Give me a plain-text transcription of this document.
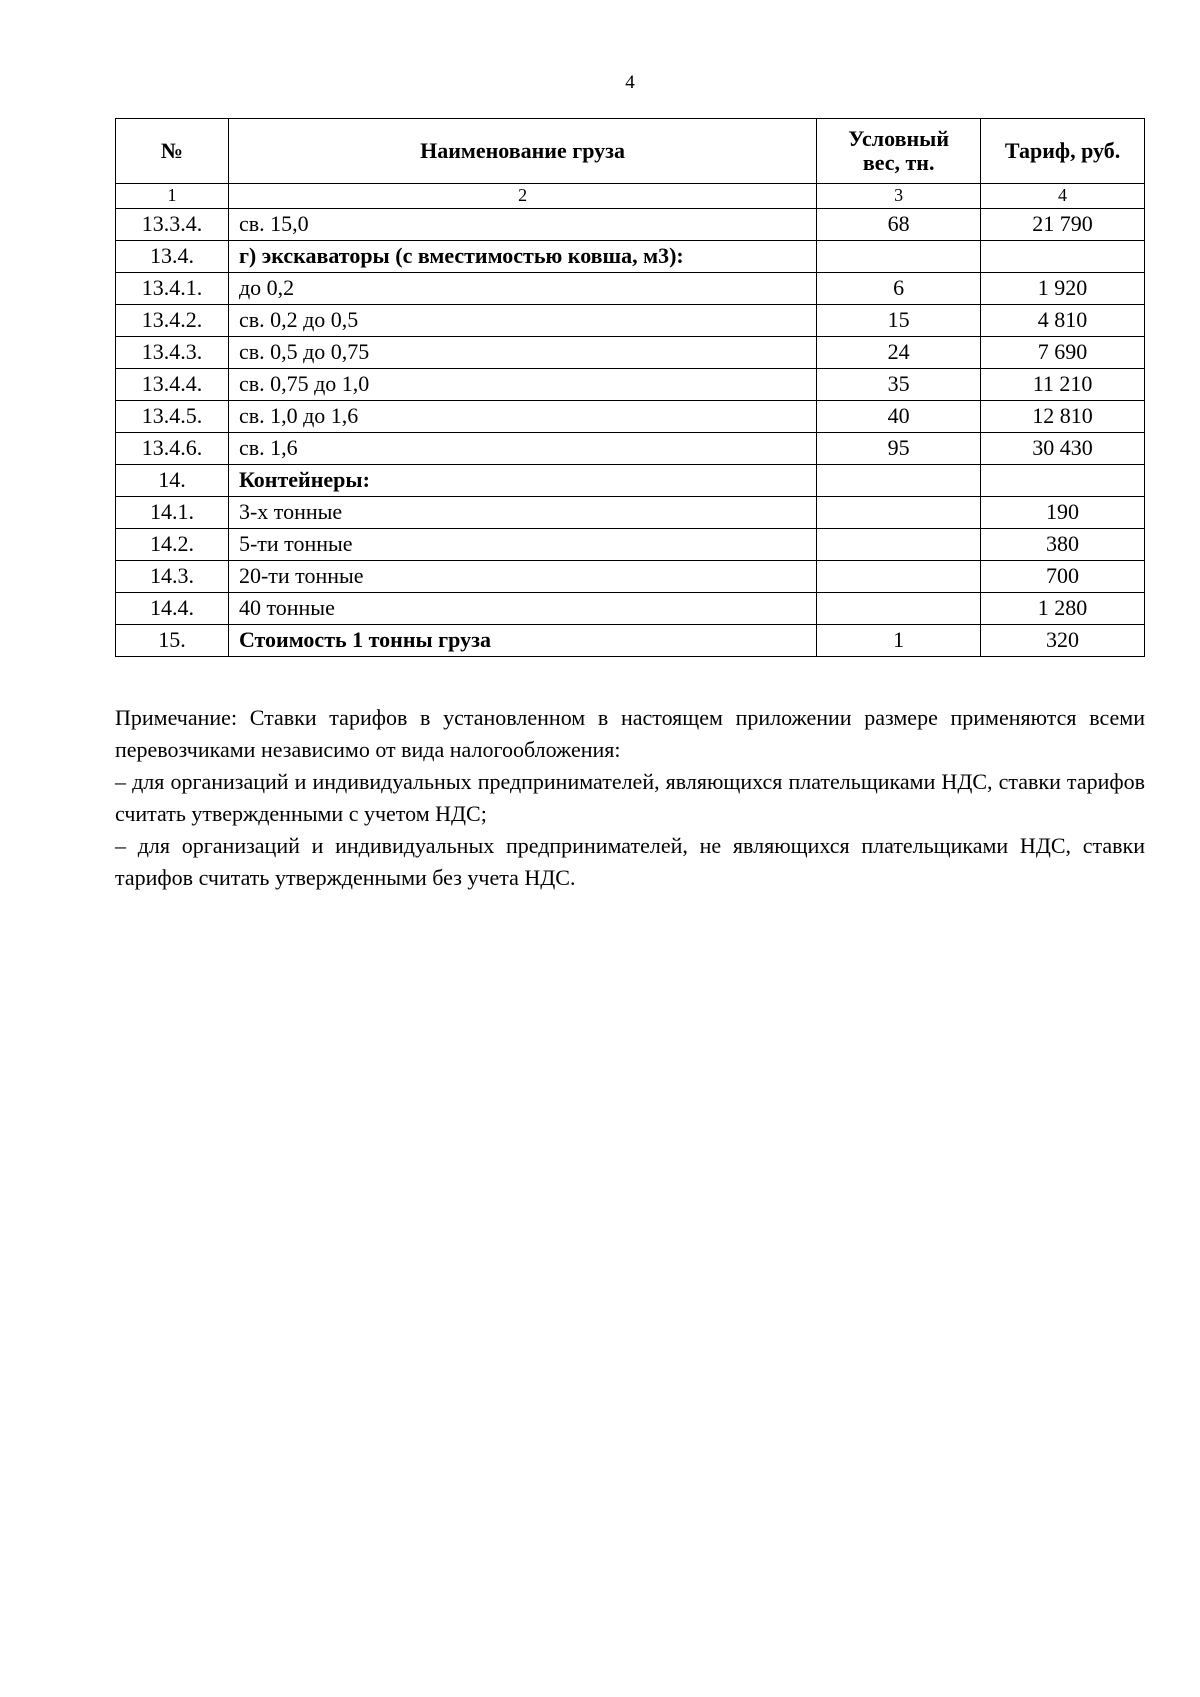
4
№	Наименование груза	Условный вес, тн.	Тариф, руб.
1	2	3	4
13.3.4.	св. 15,0	68	21 790
13.4.	г) экскаваторы (с вместимостью ковша, м3):		
13.4.1.	до 0,2	6	1 920
13.4.2.	св. 0,2 до 0,5	15	4 810
13.4.3.	св. 0,5 до 0,75	24	7 690
13.4.4.	св. 0,75 до 1,0	35	11 210
13.4.5.	св. 1,0 до 1,6	40	12 810
13.4.6.	св. 1,6	95	30 430
14.	Контейнеры:		
14.1.	3-х тонные		190
14.2.	5-ти тонные		380
14.3.	20-ти тонные		700
14.4.	40 тонные		1 280
15.	Стоимость 1 тонны груза	1	320

Примечание: Ставки тарифов в установленном в настоящем приложении размере применяются всеми перевозчиками независимо от вида налогообложения:

– для организаций и индивидуальных предпринимателей, являющихся плательщиками НДС, ставки тарифов считать утвержденными с учетом НДС;

– для организаций и индивидуальных предпринимателей, не являющихся плательщиками НДС, ставки тарифов считать утвержденными без учета НДС.
